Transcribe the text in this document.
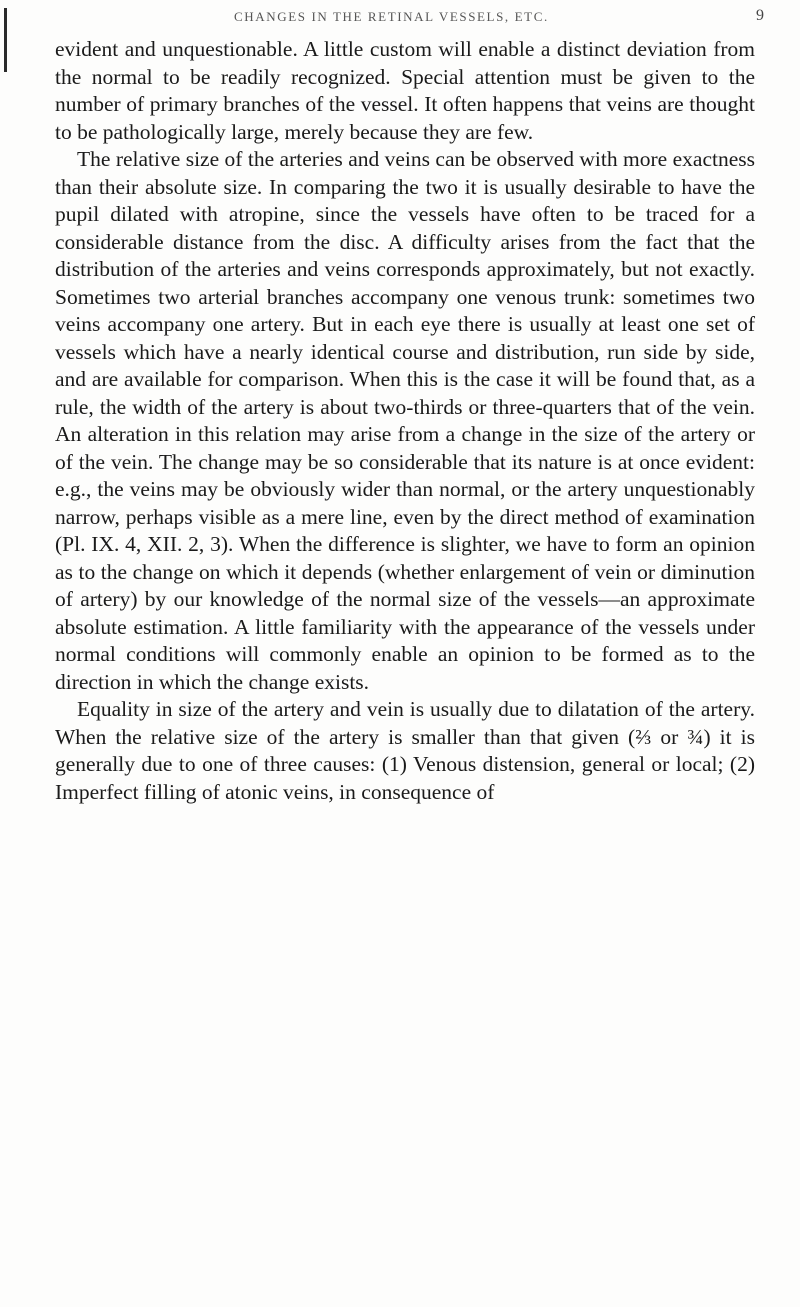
CHANGES IN THE RETINAL VESSELS, ETC.	9

evident and unquestionable. A little custom will enable a distinct deviation from the normal to be readily recognized. Special attention must be given to the number of primary branches of the vessel. It often happens that veins are thought to be pathologically large, merely because they are few.

The relative size of the arteries and veins can be observed with more exactness than their absolute size. In comparing the two it is usually desirable to have the pupil dilated with atropine, since the vessels have often to be traced for a considerable distance from the disc. A difficulty arises from the fact that the distribution of the arteries and veins corresponds approximately, but not exactly. Sometimes two arterial branches accompany one venous trunk: sometimes two veins accompany one artery. But in each eye there is usually at least one set of vessels which have a nearly identical course and distribution, run side by side, and are available for comparison. When this is the case it will be found that, as a rule, the width of the artery is about two-thirds or three-quarters that of the vein. An alteration in this relation may arise from a change in the size of the artery or of the vein. The change may be so considerable that its nature is at once evident: e.g., the veins may be obviously wider than normal, or the artery unquestionably narrow, perhaps visible as a mere line, even by the direct method of examination (Pl. IX. 4, XII. 2, 3). When the difference is slighter, we have to form an opinion as to the change on which it depends (whether enlargement of vein or diminution of artery) by our knowledge of the normal size of the vessels—an approximate absolute estimation. A little familiarity with the appearance of the vessels under normal conditions will commonly enable an opinion to be formed as to the direction in which the change exists.

Equality in size of the artery and vein is usually due to dilatation of the artery. When the relative size of the artery is smaller than that given (⅔ or ¾) it is generally due to one of three causes: (1) Venous distension, general or local; (2) Imperfect filling of atonic veins, in consequence of
